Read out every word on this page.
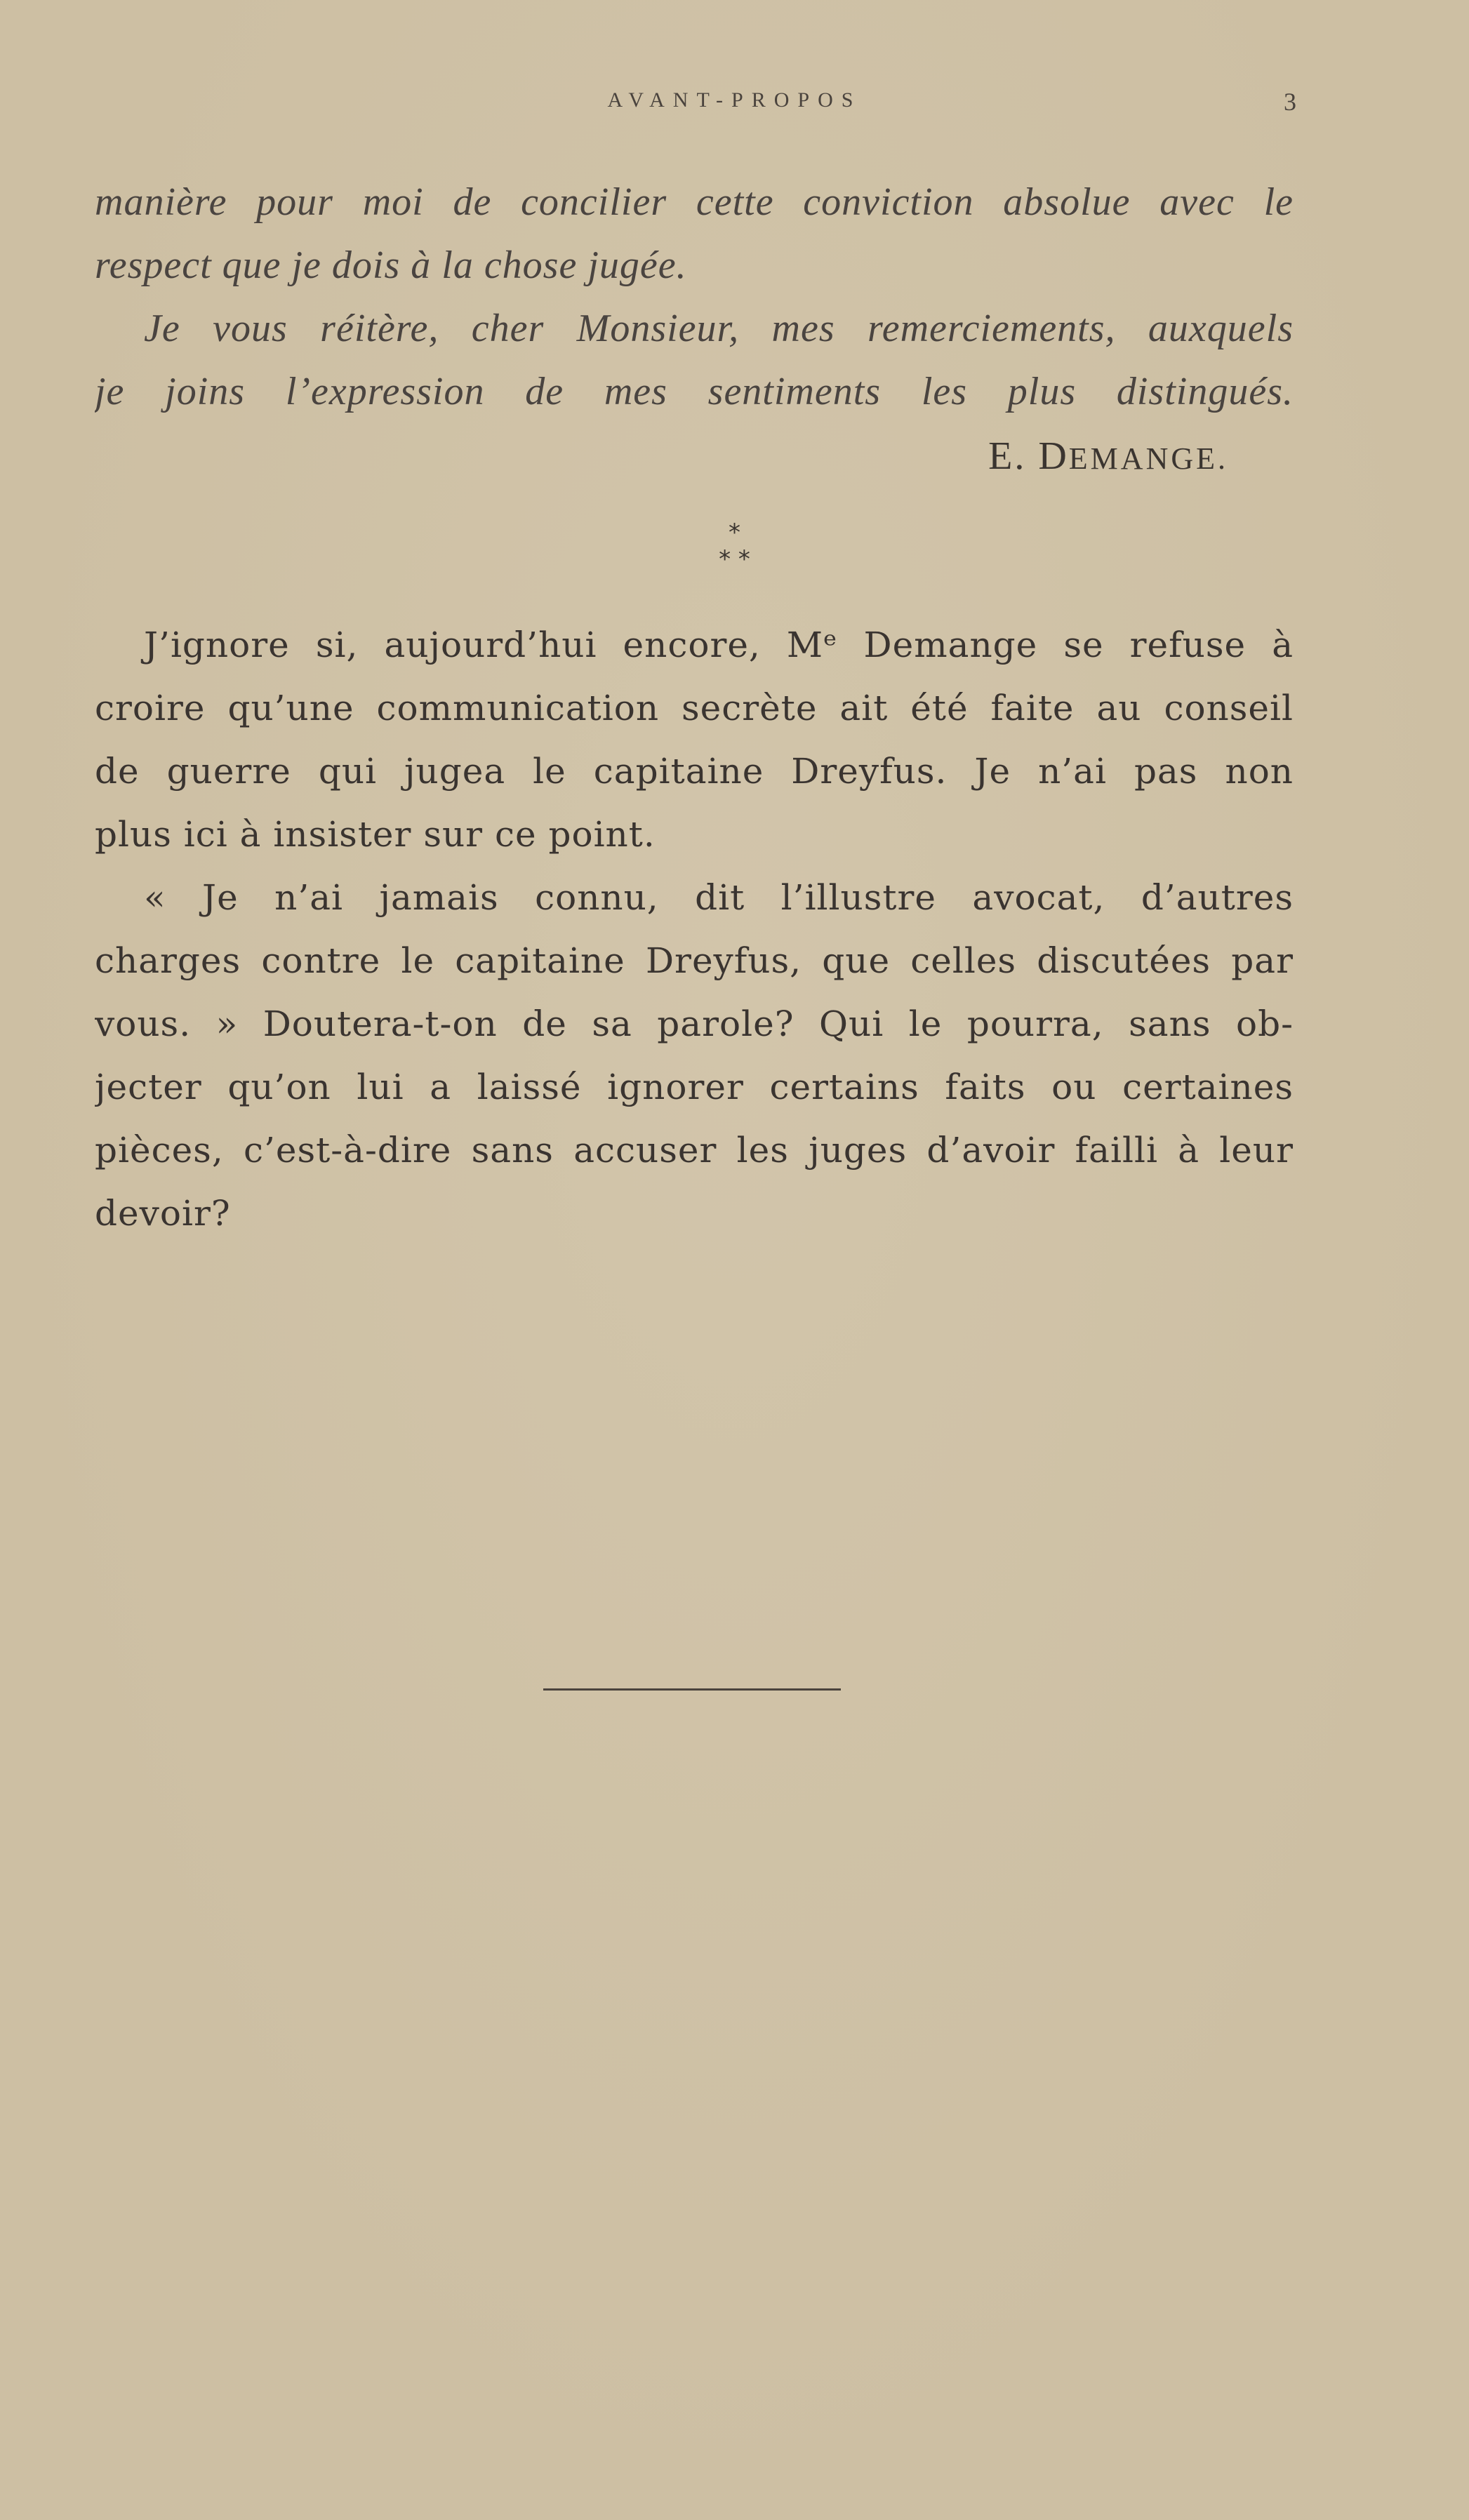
AVANT-PROPOS	3
manière pour moi de concilier cette conviction absolue avec le
respect que je dois à la chose jugée.
Je vous réitère, cher Monsieur, mes remerciements, auxquels
je joins l’expression de mes sentiments les plus distingués.
E. DEMANGE.
*
* *
J’ignore si, aujourd’hui encore, Mᵉ Demange se refuse à
croire qu’une communication secrète ait été faite au conseil
de guerre qui jugea le capitaine Dreyfus. Je n’ai pas non
plus ici à insister sur ce point.
« Je n’ai jamais connu, dit l’illustre avocat, d’autres
charges contre le capitaine Dreyfus, que celles discutées par
vous. » Doutera-t-on de sa parole? Qui le pourra, sans ob-
jecter qu’on lui a laissé ignorer certains faits ou certaines
pièces, c’est-à-dire sans accuser les juges d’avoir failli à leur
devoir?
